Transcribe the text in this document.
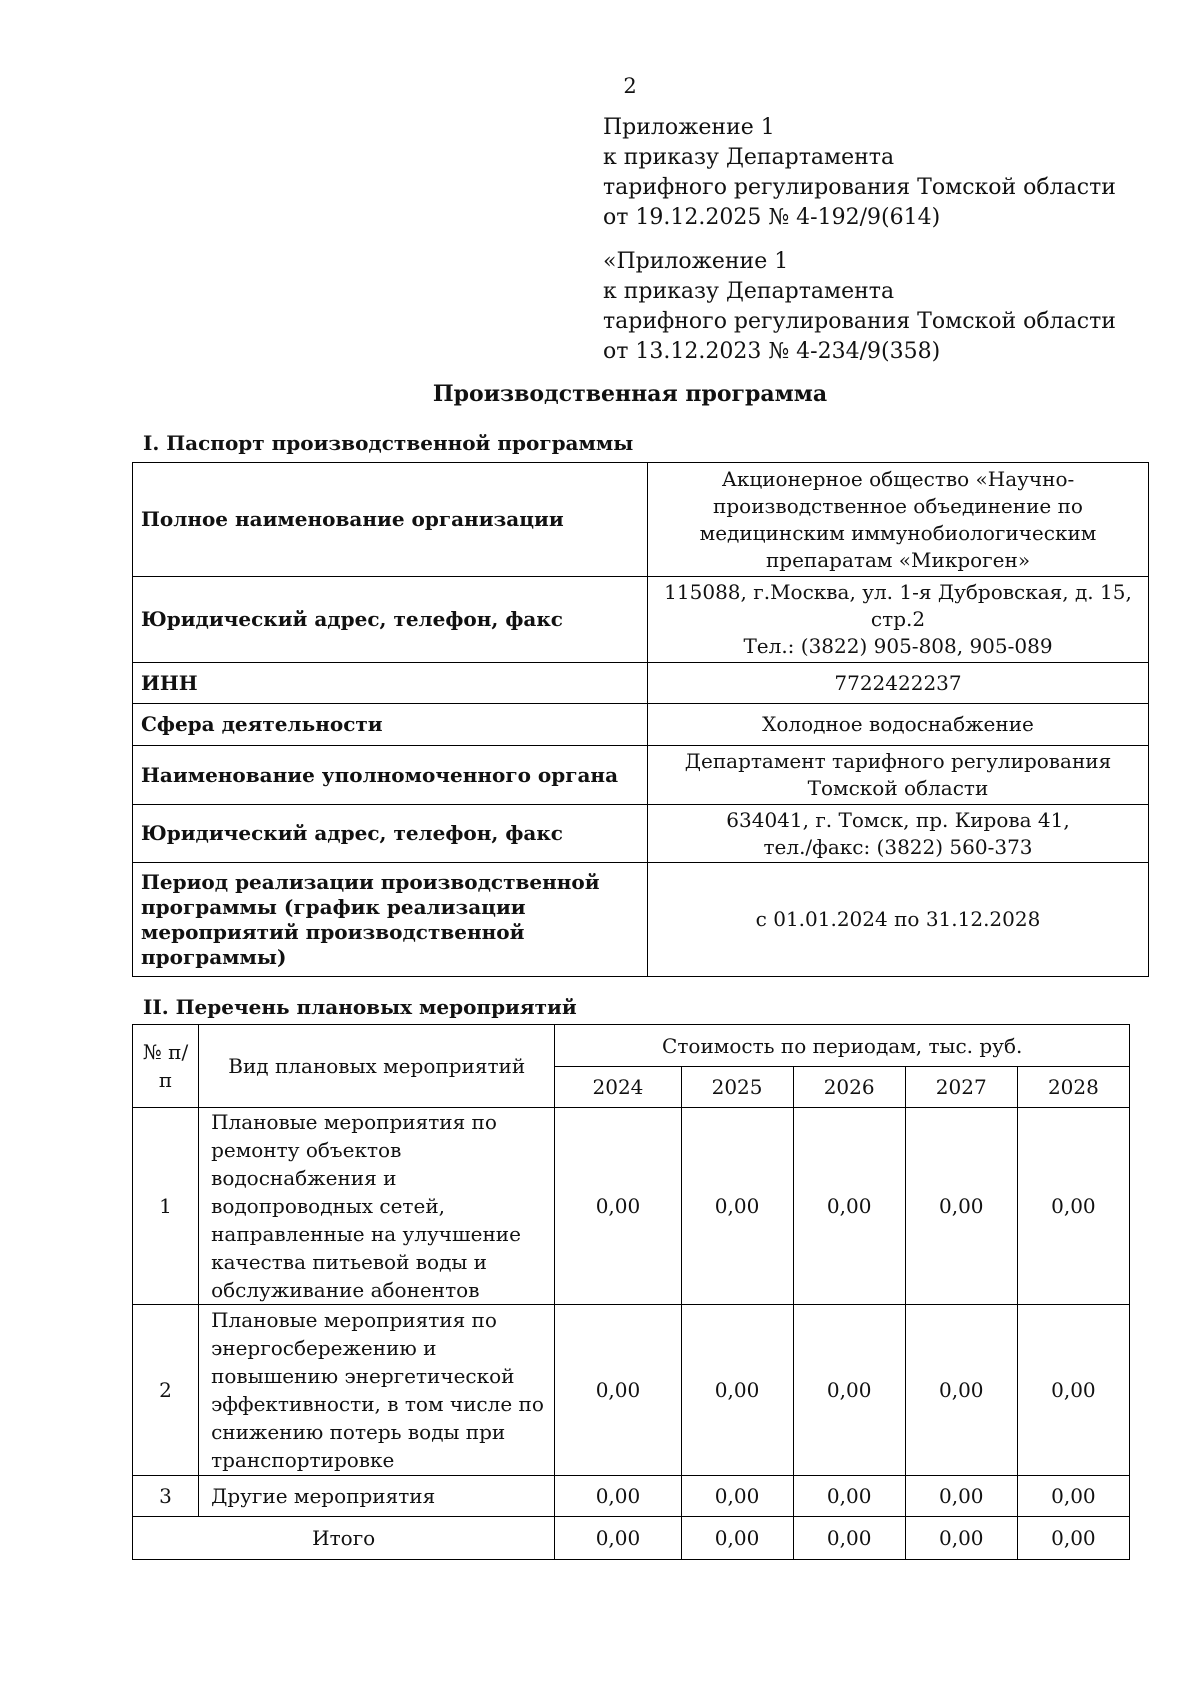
2
Приложение 1
к приказу Департамента
тарифного регулирования Томской области
от 19.12.2025 № 4-192/9(614)
«Приложение 1
к приказу Департамента
тарифного регулирования Томской области
от 13.12.2023 № 4-234/9(358)
Производственная программа
I. Паспорт производственной программы
Полное наименование организации	Акционерное общество «Научно-
производственное объединение по
медицинским иммунобиологическим
препаратам «Микроген»

Юридический адрес, телефон, факс	115088, г.Москва, ул. 1-я Дубровская, д. 15,
стр.2
Тел.: (3822) 905-808, 905-089

ИНН	7722422237

Сфера деятельности	Холодное водоснабжение

Наименование уполномоченного органа	Департамент тарифного регулирования
Томской области

Юридический адрес, телефон, факс	634041, г. Томск, пр. Кирова 41,
тел./факс: (3822) 560-373

Период реализации производственной программы (график реализации мероприятий производственной программы)	с 01.01.2024 по 31.12.2028
II. Перечень плановых мероприятий
№ п/п	Вид плановых мероприятий	Стоимость по периодам, тыс. руб.				
		2024	2025	2026	2027	2028
1	Плановые мероприятия по ремонту объектов водоснабжения и водопроводных сетей, направленные на улучшение качества питьевой воды и обслуживание абонентов	0,00	0,00	0,00	0,00	0,00
2	Плановые мероприятия по энергосбережению и повышению энергетической эффективности, в том числе по снижению потерь воды при транспортировке	0,00	0,00	0,00	0,00	0,00
3	Другие мероприятия	0,00	0,00	0,00	0,00	0,00
Итого		0,00	0,00	0,00	0,00	0,00
